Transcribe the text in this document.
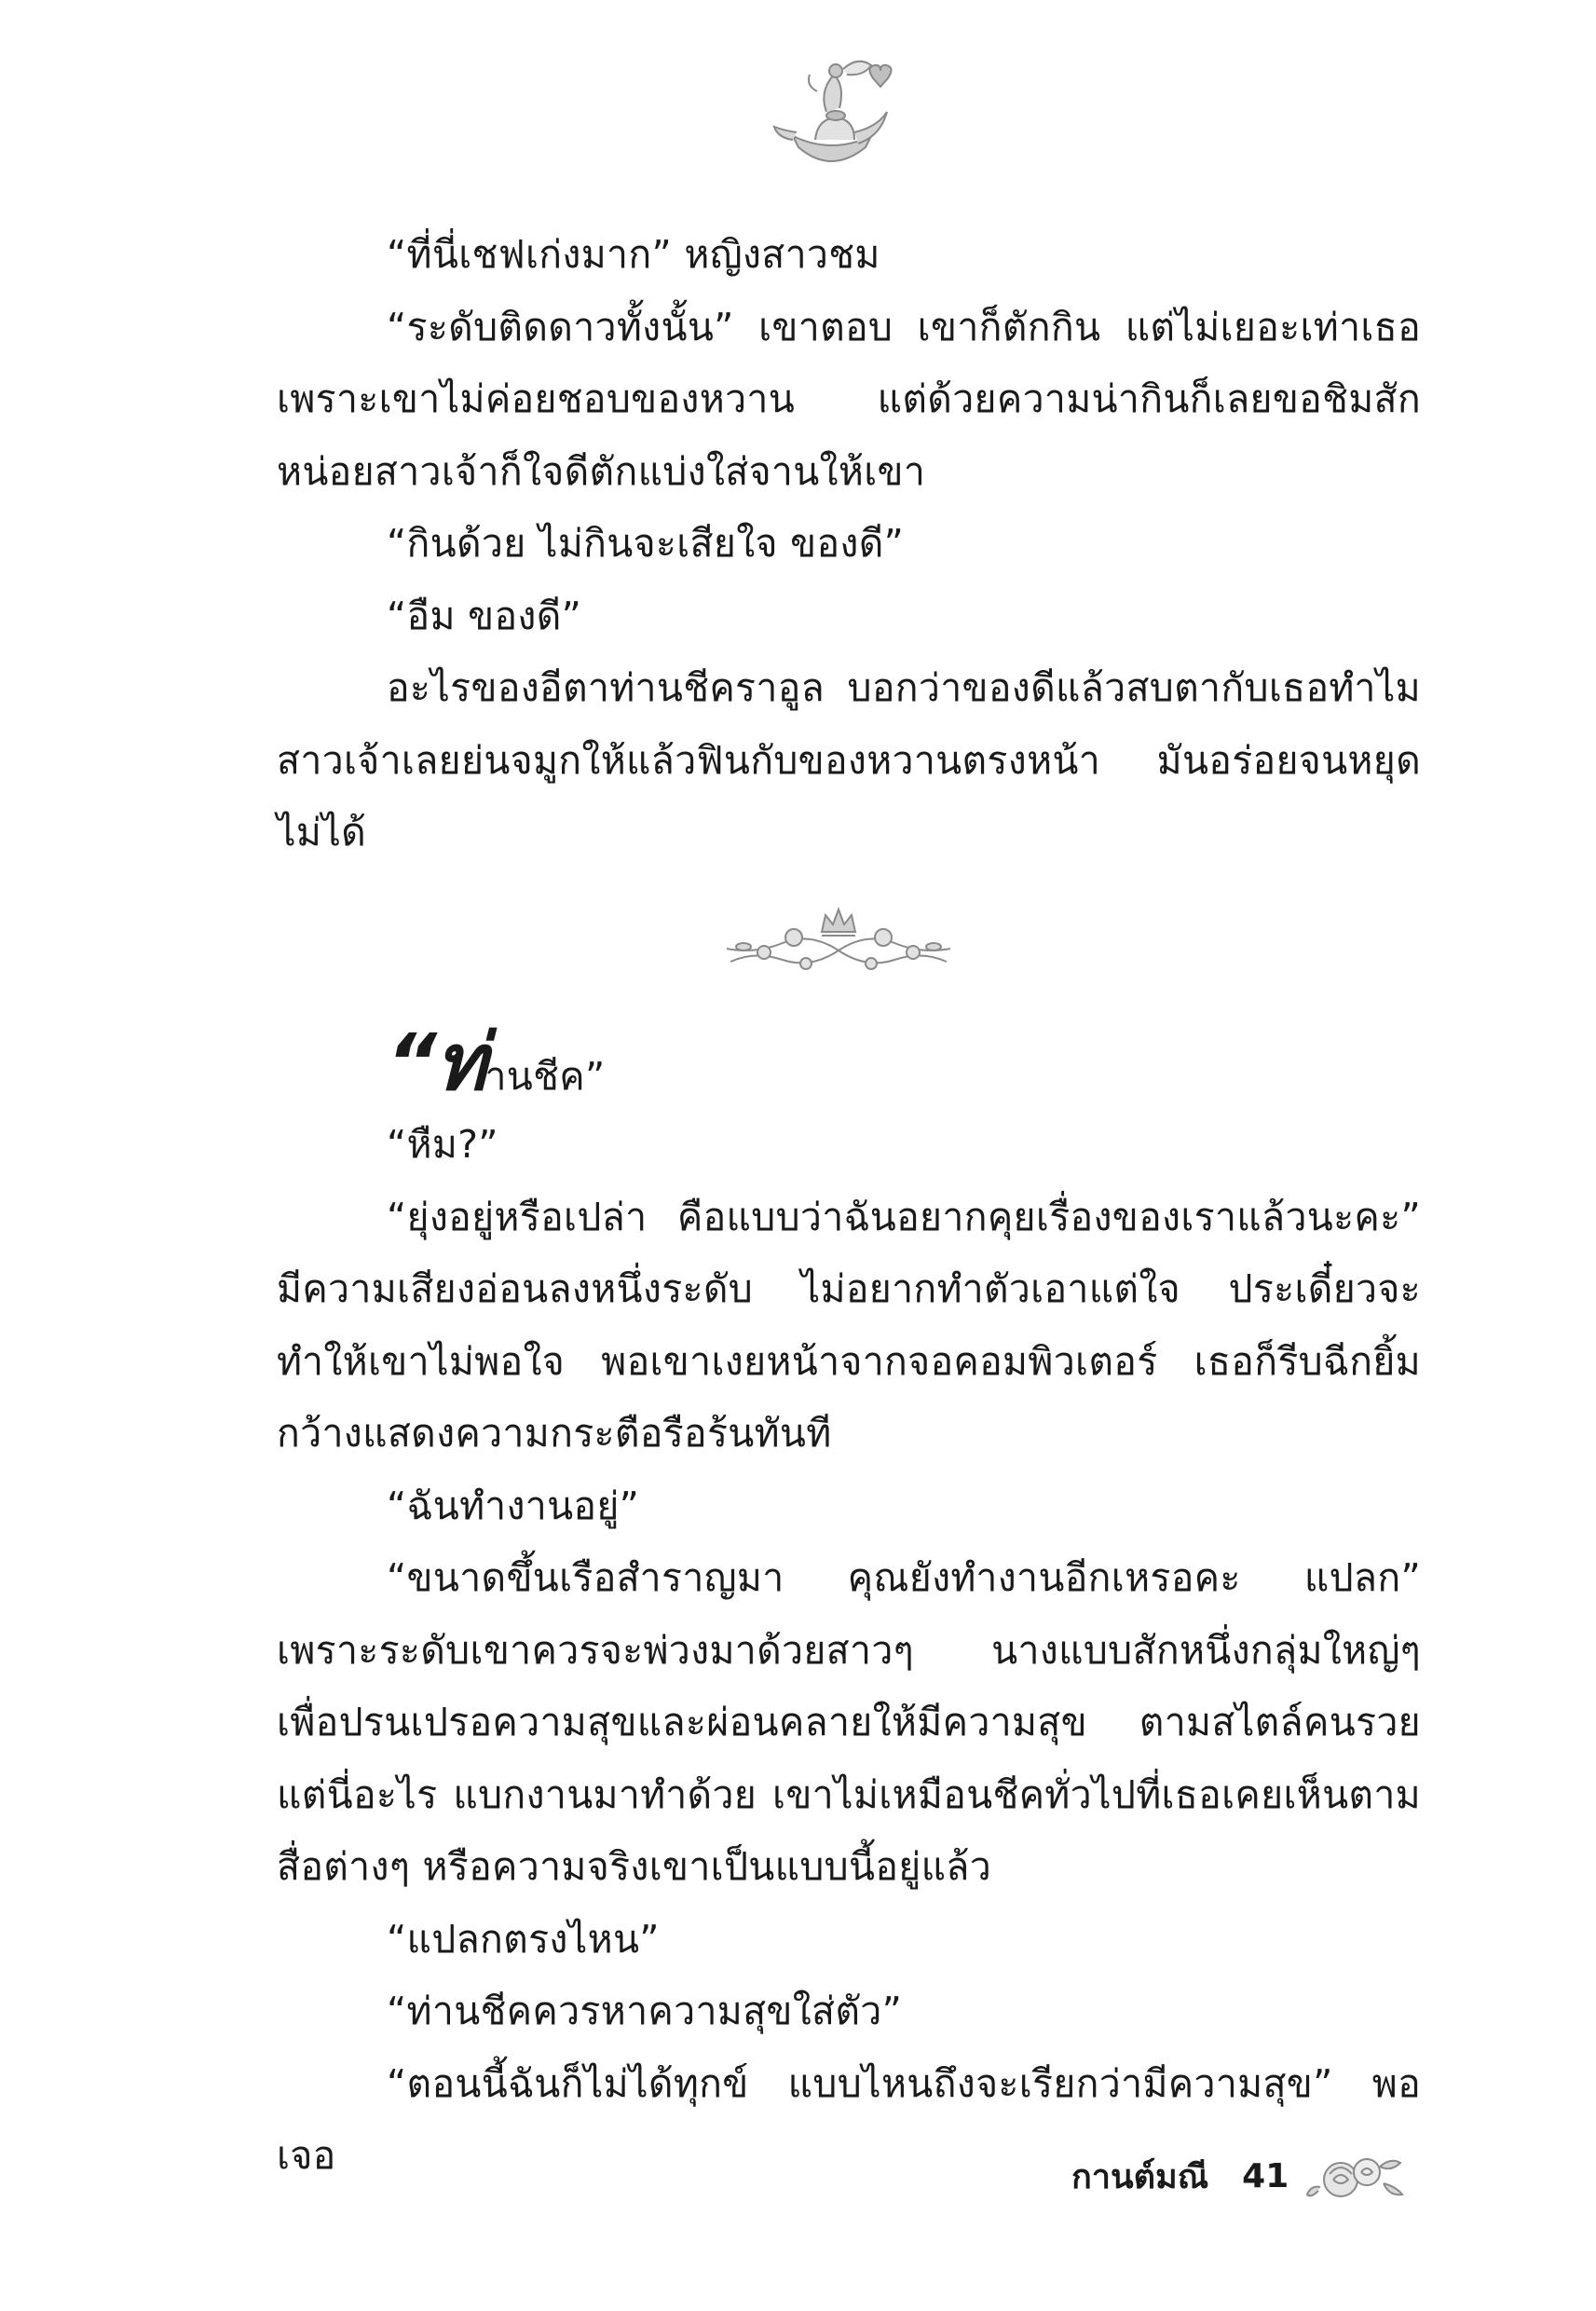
“ที่นี่เชฟเก่งมาก” หญิงสาวชม

“ระดับติดดาวทั้งนั้น” เขาตอบ เขาก็ตักกิน แต่ไม่เยอะเท่าเธอเพราะเขาไม่ค่อยชอบของหวาน แต่ด้วยความน่ากินก็เลยขอชิมสักหน่อยสาวเจ้าก็ใจดีตักแบ่งใส่จานให้เขา

“กินด้วย ไม่กินจะเสียใจ ของดี”

“อืม ของดี”

อะไรของอีตาท่านชีคราอูล บอกว่าของดีแล้วสบตากับเธอทำไมสาวเจ้าเลยย่นจมูกให้แล้วฟินกับของหวานตรงหน้า มันอร่อยจนหยุดไม่ได้

“ท่านชีค”

“หืม?”

“ยุ่งอยู่หรือเปล่า คือแบบว่าฉันอยากคุยเรื่องของเราแล้วนะคะ” มีความเสียงอ่อนลงหนึ่งระดับ ไม่อยากทำตัวเอาแต่ใจ ประเดี๋ยวจะทำให้เขาไม่พอใจ พอเขาเงยหน้าจากจอคอมพิวเตอร์ เธอก็รีบฉีกยิ้มกว้างแสดงความกระตือรือร้นทันที

“ฉันทำงานอยู่”

“ขนาดขึ้นเรือสำราญมา คุณยังทำงานอีกเหรอคะ แปลก” เพราะระดับเขาควรจะพ่วงมาด้วยสาวๆ นางแบบสักหนึ่งกลุ่มใหญ่ๆ เพื่อปรนเปรอความสุขและผ่อนคลายให้มีความสุข ตามสไตล์คนรวย แต่นี่อะไร แบกงานมาทำด้วย เขาไม่เหมือนชีคทั่วไปที่เธอเคยเห็นตามสื่อต่างๆ หรือความจริงเขาเป็นแบบนี้อยู่แล้ว

“แปลกตรงไหน”

“ท่านชีคควรหาความสุขใส่ตัว”

“ตอนนี้ฉันก็ไม่ได้ทุกข์ แบบไหนถึงจะเรียกว่ามีความสุข” พอเจอ	กานต์มณี 41
